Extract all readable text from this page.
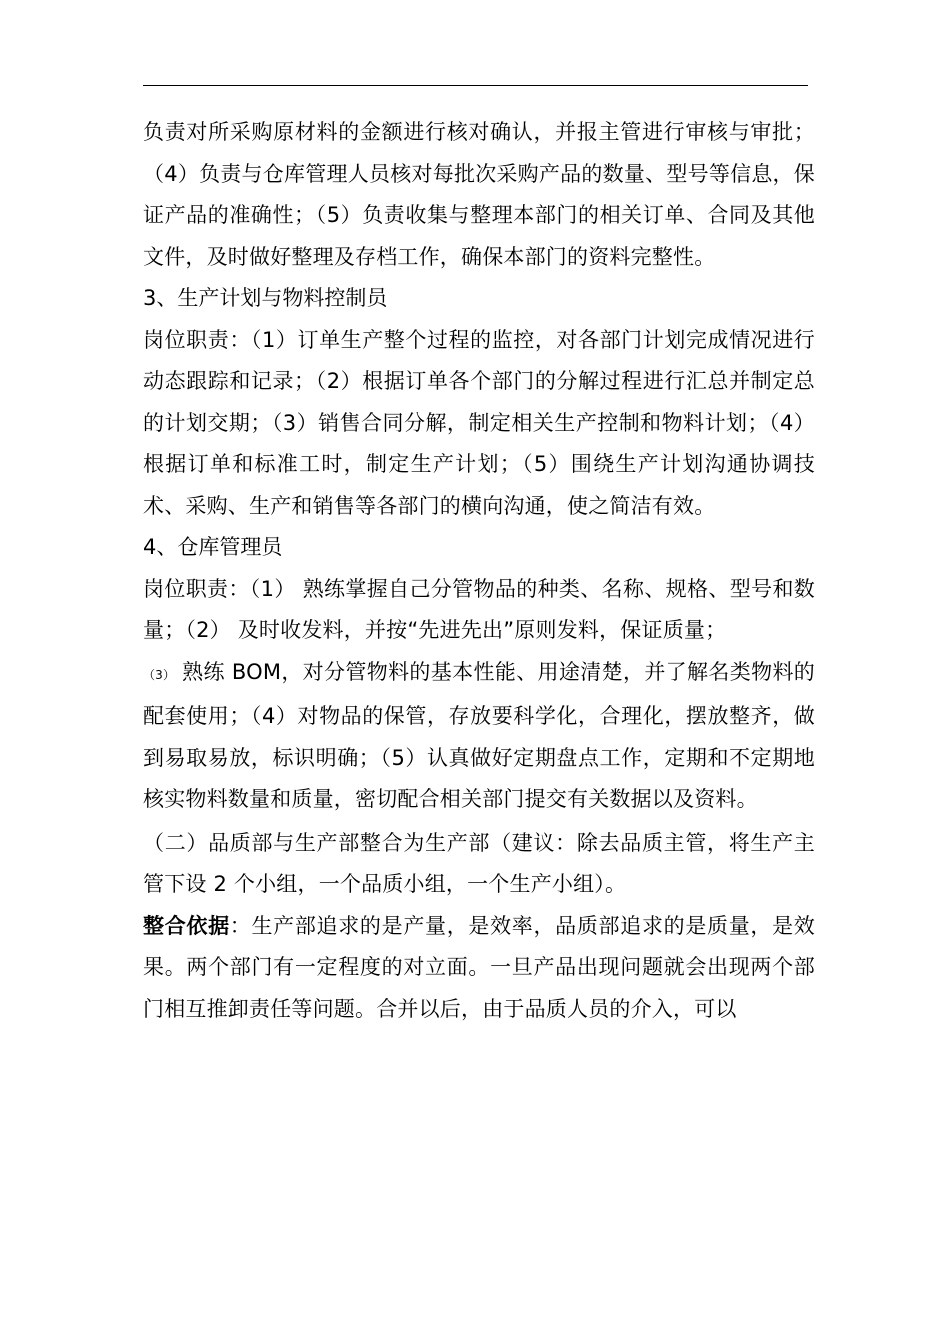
负责对所采购原材料的金额进行核对确认，并报主管进行审核与审批；（4）负责与仓库管理人员核对每批次采购产品的数量、型号等信息，保证产品的准确性；（5）负责收集与整理本部门的相关订单、合同及其他文件，及时做好整理及存档工作，确保本部门的资料完整性。

3、生产计划与物料控制员

岗位职责：（1）订单生产整个过程的监控，对各部门计划完成情况进行动态跟踪和记录；（2）根据订单各个部门的分解过程进行汇总并制定总的计划交期；（3）销售合同分解，制定相关生产控制和物料计划；（4）根据订单和标准工时，制定生产计划；（5）围绕生产计划沟通协调技术、采购、生产和销售等各部门的横向沟通，使之简洁有效。

4、仓库管理员

岗位职责：（1） 熟练掌握自己分管物品的种类、名称、规格、型号和数量；（2） 及时收发料，并按“先进先出”原则发料，保证质量；

（3） 熟练 BOM，对分管物料的基本性能、用途清楚，并了解名类物料的配套使用；（4）对物品的保管，存放要科学化，合理化，摆放整齐，做到易取易放，标识明确；（5）认真做好定期盘点工作，定期和不定期地核实物料数量和质量，密切配合相关部门提交有关数据以及资料。

（二）品质部与生产部整合为生产部（建议：除去品质主管，将生产主管下设 2 个小组，一个品质小组，一个生产小组）。

整合依据：生产部追求的是产量，是效率，品质部追求的是质量，是效果。两个部门有一定程度的对立面。一旦产品出现问题就会出现两个部门相互推卸责任等问题。合并以后，由于品质人员的介入，可以
